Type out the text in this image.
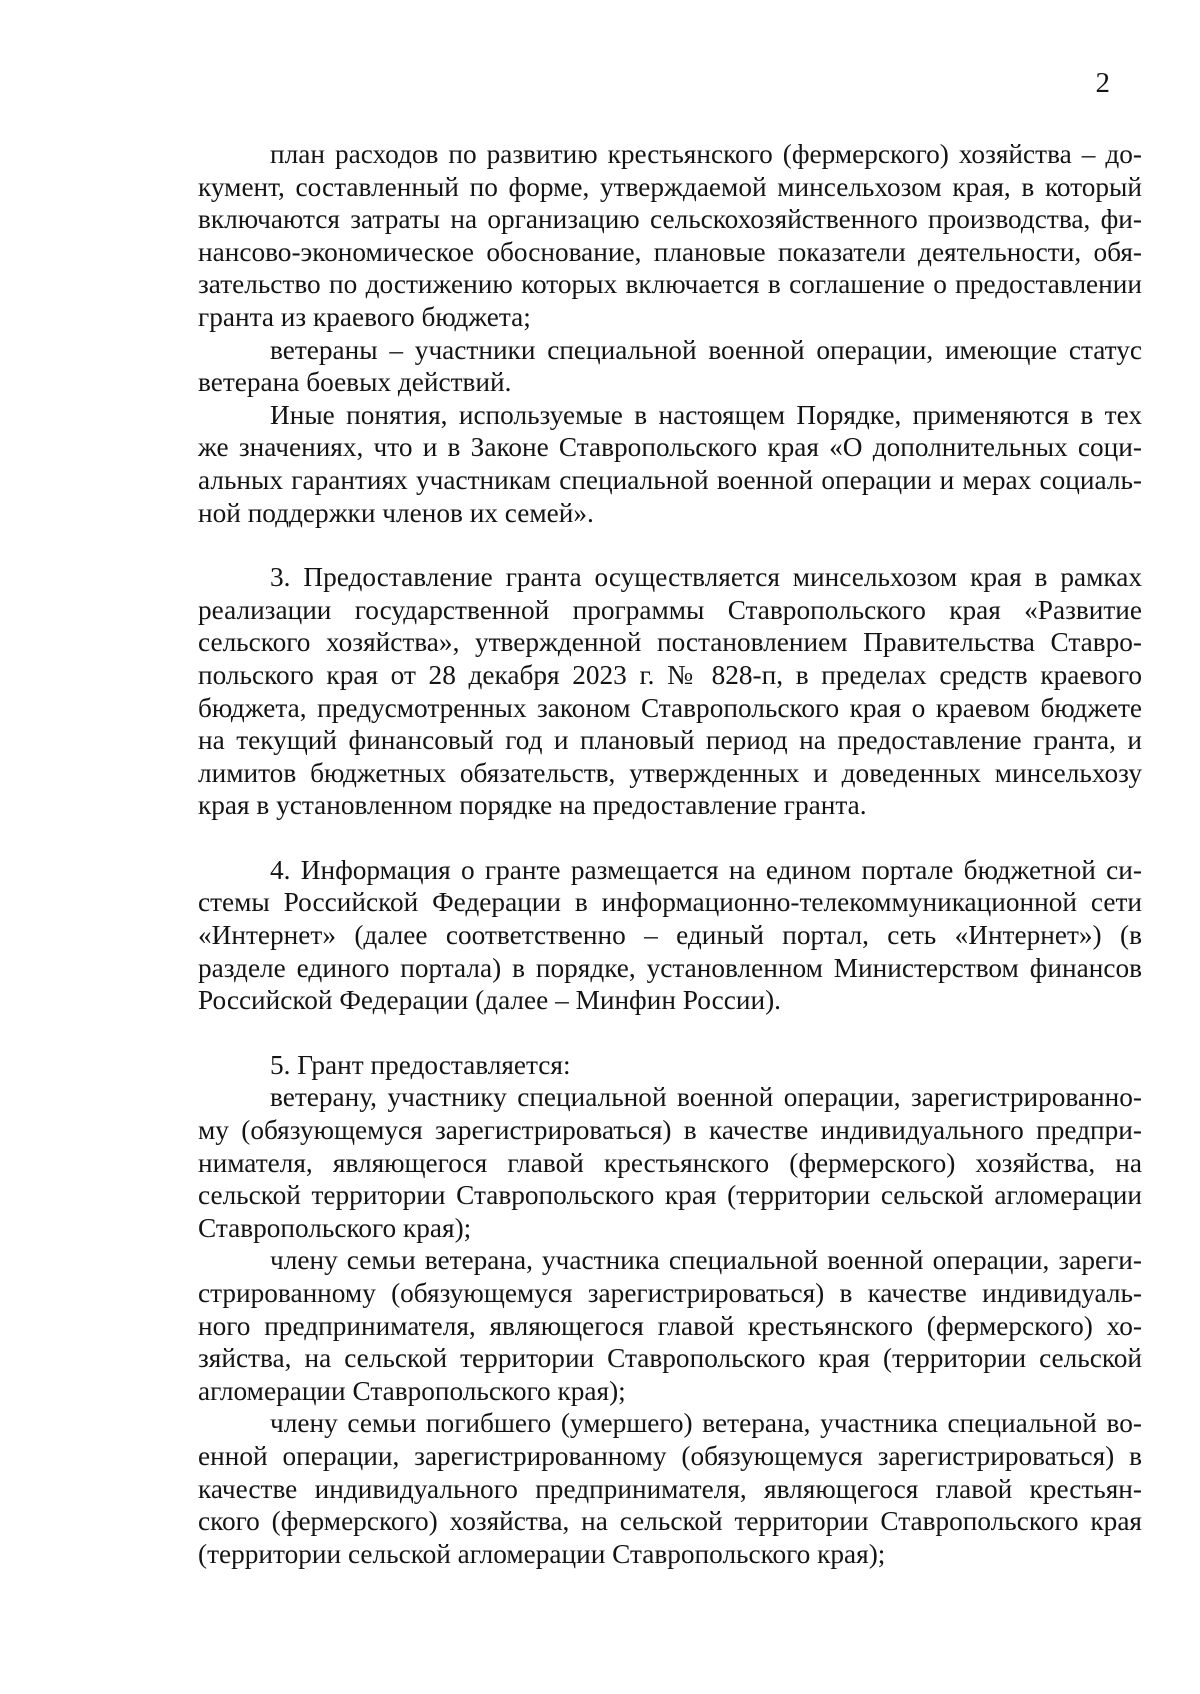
2

план расходов по развитию крестьянского (фермерского) хозяйства – документ, составленный по форме, утверждаемой минсельхозом края, в который включаются затраты на организацию сельскохозяйственного производства, финансово-экономическое обоснование, плановые показатели деятельности, обязательство по достижению которых включается в соглашение о предоставлении гранта из краевого бюджета;

ветераны – участники специальной военной операции, имеющие статус ветерана боевых действий.

Иные понятия, используемые в настоящем Порядке, применяются в тех же значениях, что и в Законе Ставропольского края «О дополнительных социальных гарантиях участникам специальной военной операции и мерах социальной поддержки членов их семей».

3. Предоставление гранта осуществляется минсельхозом края в рамках реализации государственной программы Ставропольского края «Развитие сельского хозяйства», утвержденной постановлением Правительства Ставропольского края от 28 декабря 2023 г. № 828-п, в пределах средств краевого бюджета, предусмотренных законом Ставропольского края о краевом бюджете на текущий финансовый год и плановый период на предоставление гранта, и лимитов бюджетных обязательств, утвержденных и доведенных минсельхозу края в установленном порядке на предоставление гранта.

4. Информация о гранте размещается на едином портале бюджетной системы Российской Федерации в информационно-телекоммуникационной сети «Интернет» (далее соответственно – единый портал, сеть «Интернет») (в разделе единого портала) в порядке, установленном Министерством финансов Российской Федерации (далее – Минфин России).

5. Грант предоставляется:

ветерану, участнику специальной военной операции, зарегистрированному (обязующемуся зарегистрироваться) в качестве индивидуального предпринимателя, являющегося главой крестьянского (фермерского) хозяйства, на сельской территории Ставропольского края (территории сельской агломерации Ставропольского края);

члену семьи ветерана, участника специальной военной операции, зарегистрированному (обязующемуся зарегистрироваться) в качестве индивидуального предпринимателя, являющегося главой крестьянского (фермерского) хозяйства, на сельской территории Ставропольского края (территории сельской агломерации Ставропольского края);

члену семьи погибшего (умершего) ветерана, участника специальной военной операции, зарегистрированному (обязующемуся зарегистрироваться) в качестве индивидуального предпринимателя, являющегося главой крестьянского (фермерского) хозяйства, на сельской территории Ставропольского края (территории сельской агломерации Ставропольского края);
